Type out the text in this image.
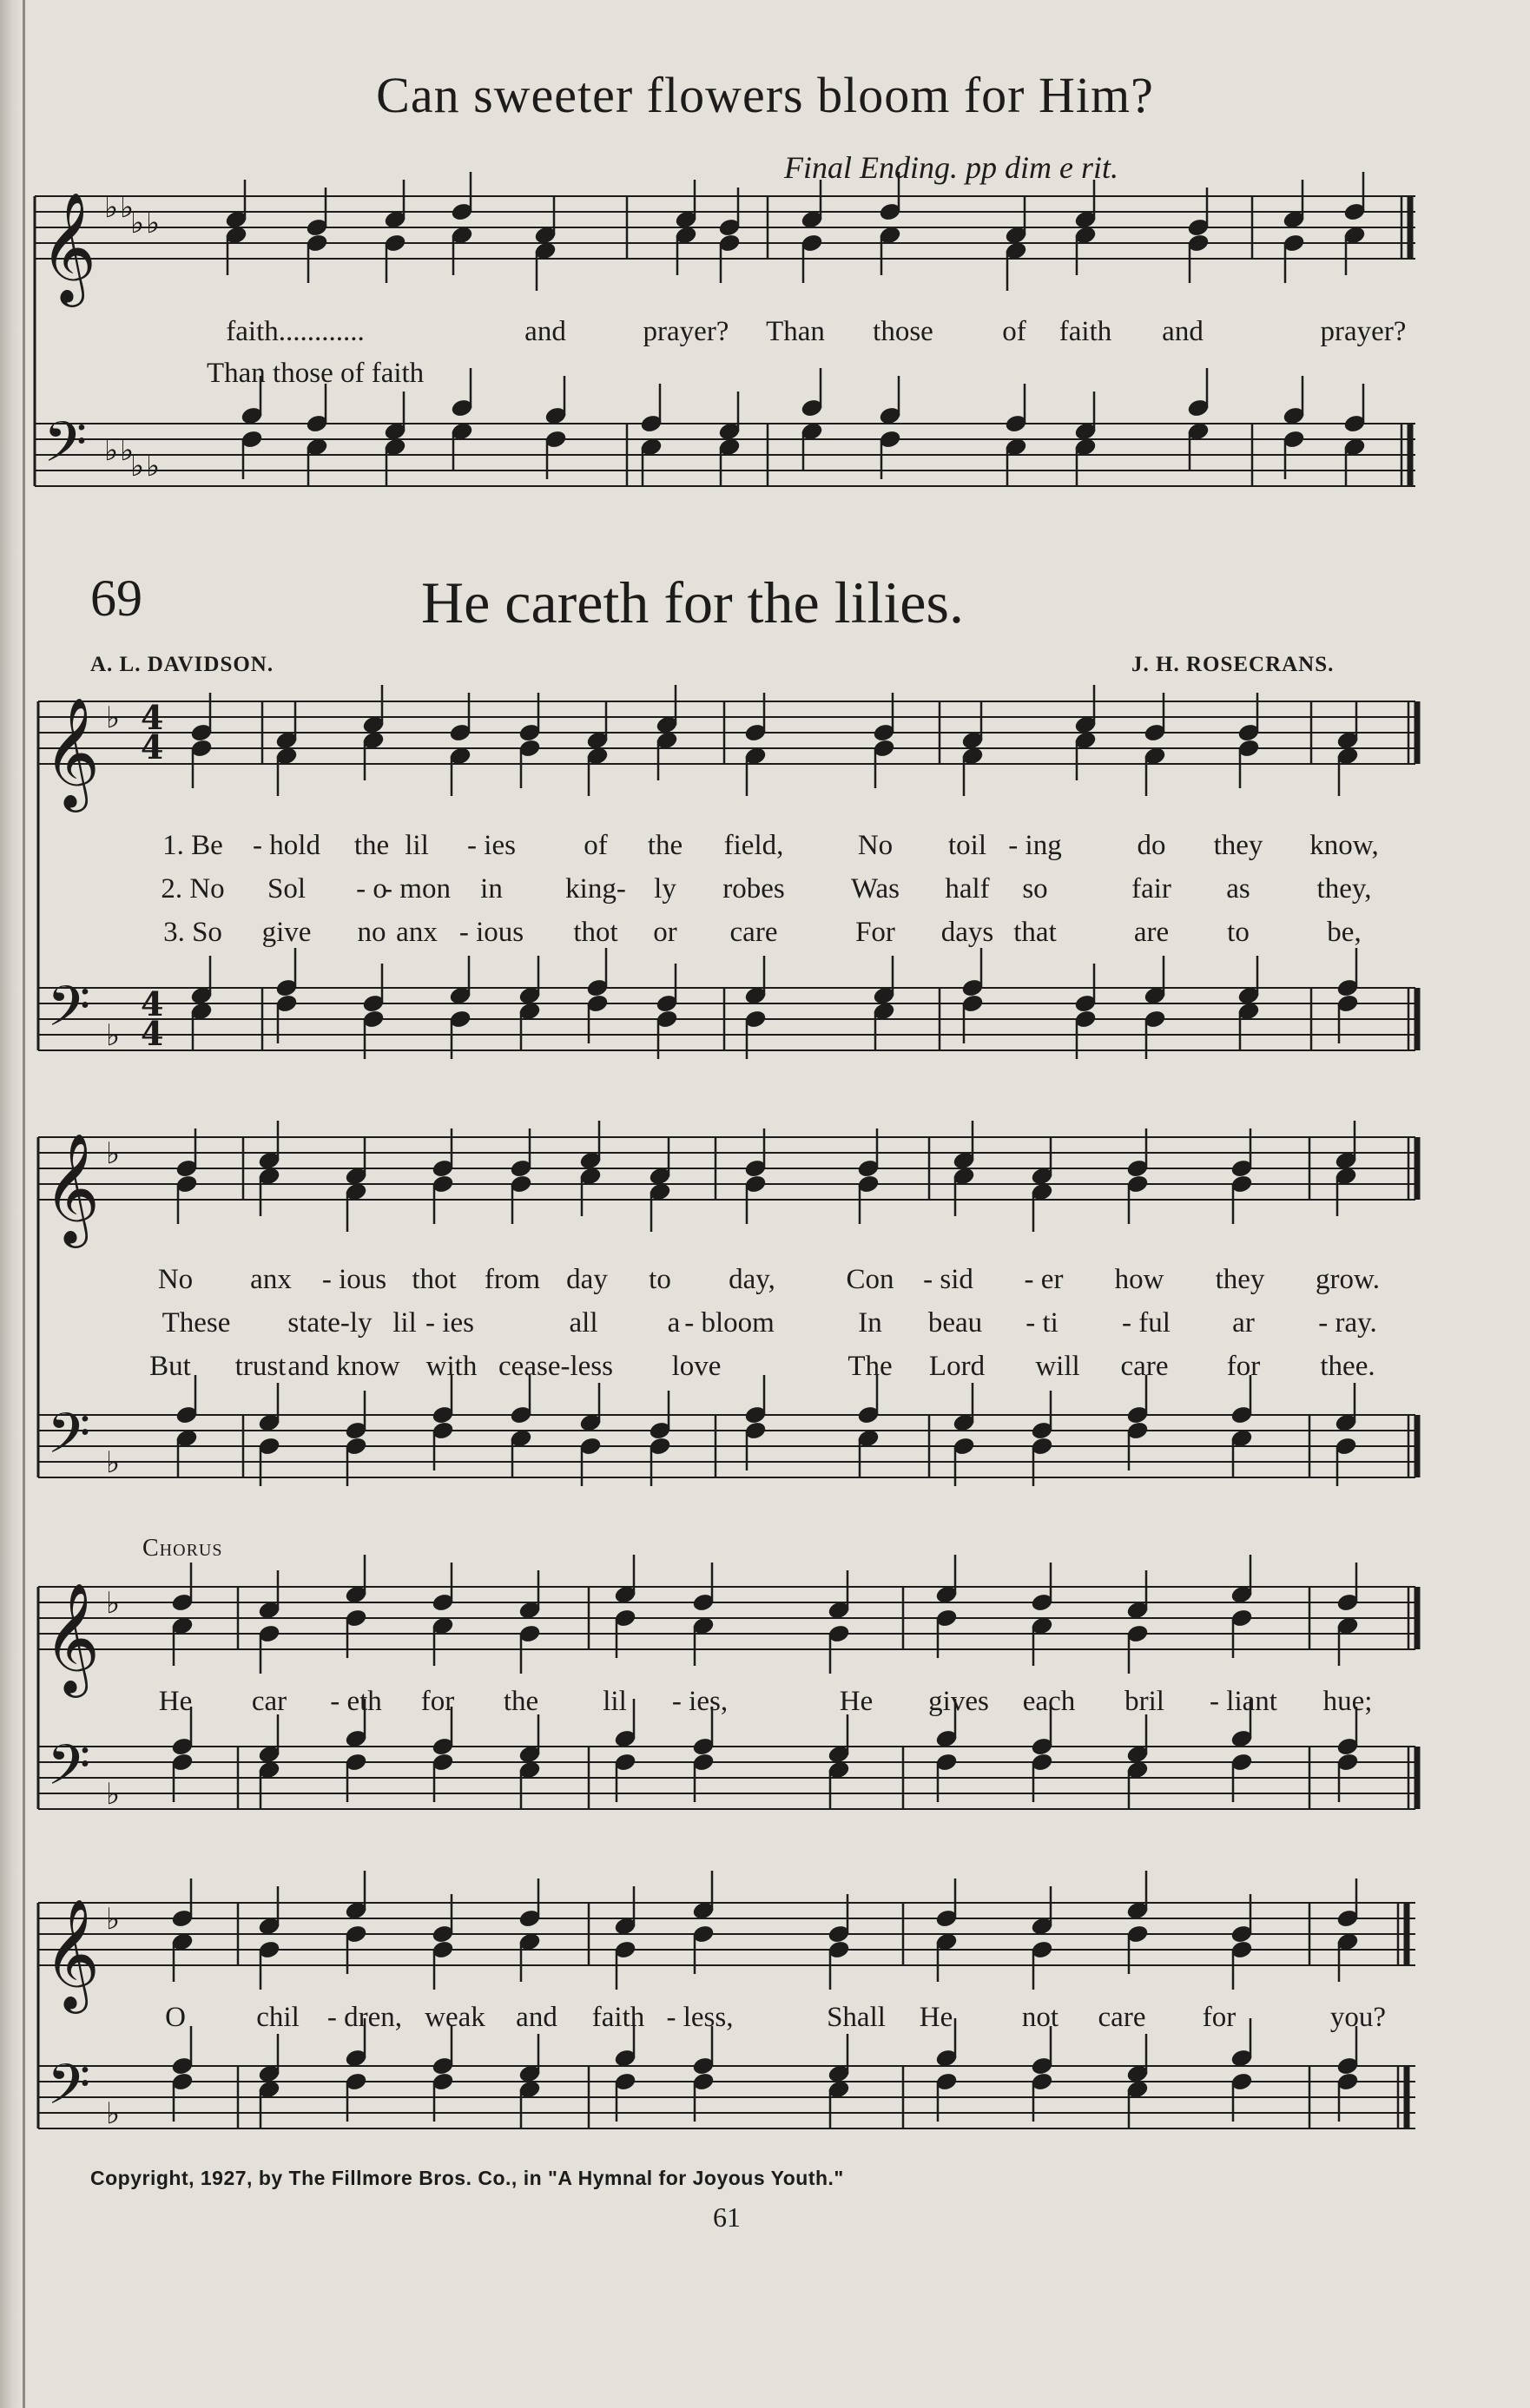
Can sweeter flowers bloom for Him?
Final Ending. pp dim e rit.
𝄞
𝄢
♭ ♭
♭ ♭
♭ ♭
♭ ♭
𝄞
𝄢
♭
♭
4
4
4
4
𝄞
𝄢
♭
♭
𝄞
𝄢
♭
♭
𝄞
𝄢
♭
♭
faith............	and	prayer? Than those of faith and	prayer?
Than those of faith
69	He careth for the lilies.
A. L. DAVIDSON.	J. H. ROSECRANS.
1. Be - hold the lil - ies of the field,	No toil - ing	do they know,
2. No Sol - o
- mon in king- ly robes Was half so	fair as they,
3. So give no anx - ious thot or care	For days that	are to	be,
No anx - ious thot from day to day, Con - sid - er how they grow.
These state-ly lil - ies	all a - bloom	In beau - ti - ful ar - ray.
But trust and know with cease-less love	The Lord will care for thee.
Chorus
He car - eth for the lil - ies,	He gives each bril - liant hue;
O chil - dren, weak and faith - less,	Shall He not care for	you?
Copyright, 1927, by The Fillmore Bros. Co., in "A Hymnal for Joyous Youth."
61
